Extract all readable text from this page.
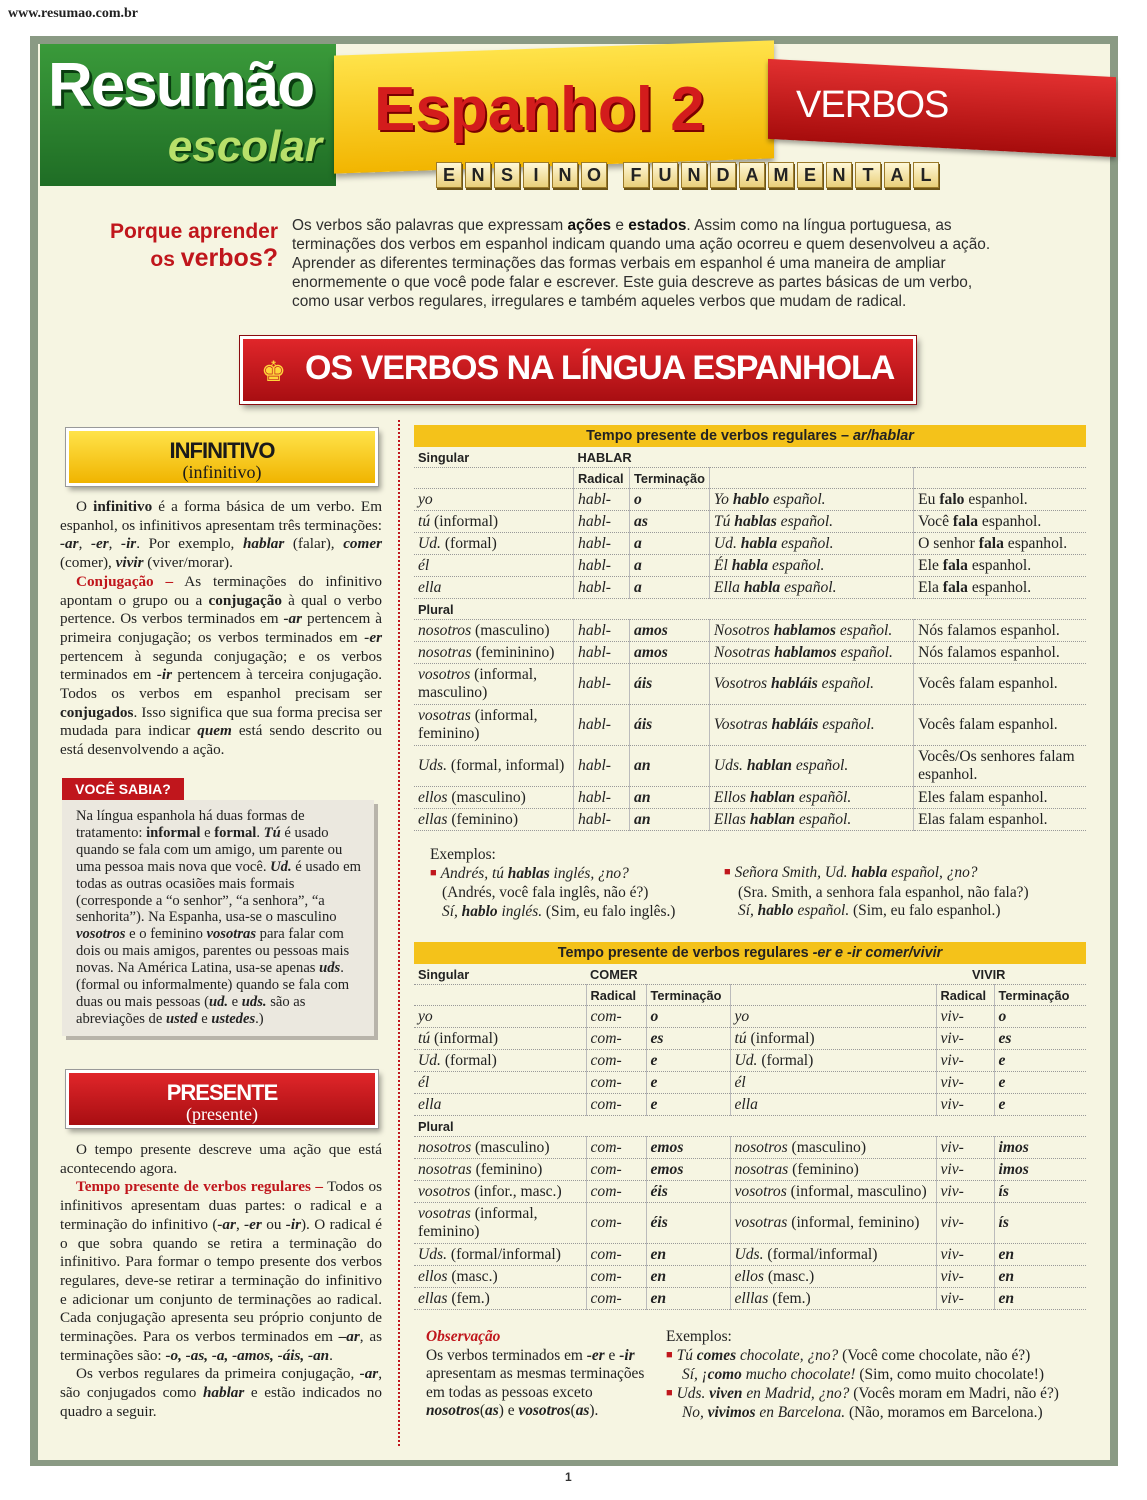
www.resumao.com.br
Resumão
escolar
Espanhol 2 VERBOS
E N S	I	N O	F U N D A M E N T A L
Porque aprender
os verbos?
Os verbos são palavras que expressam ações e estados. Assim como na língua portuguesa, as terminações dos verbos em espanhol indicam quando uma ação ocorreu e quem desenvolveu a ação. Aprender as diferentes terminações das formas verbais em espanhol é uma maneira de ampliar enormemente o que você pode falar e escrever. Este guia descreve as partes básicas de um verbo, como usar verbos regulares, irregulares e também aqueles verbos que mudam de radical.
♚ OS VERBOS NA LÍNGUA ESPANHOLA
INFINITIVO
(infinitivo)

O infinitivo é a forma básica de um verbo. Em espanhol, os infinitivos apresentam três terminações: -ar, -er, -ir. Por exemplo, hablar (falar), comer (comer), vivir (viver/morar).

Conjugação – As terminações do infinitivo apontam o grupo ou a conjugação à qual o verbo pertence. Os verbos terminados em -ar pertencem à primeira conjugação; os verbos terminados em -er pertencem à segunda conjugação; e os verbos terminados em -ir pertencem à terceira conjugação. Todos os verbos em espanhol precisam ser conjugados. Isso significa que sua forma precisa ser mudada para indicar quem está sendo descrito ou está desenvolvendo a ação.

VOCÊ SABIA?
Na língua espanhola há duas formas de tratamento: informal e formal. Tú é usado quando se fala com um amigo, um parente ou uma pessoa mais nova que você. Ud. é usado em todas as outras ocasiões mais formais (corresponde a “o senhor”, “a senhora”, “a senhorita”). Na Espanha, usa-se o masculino vosotros e o feminino vosotras para falar com dois ou mais amigos, parentes ou pessoas mais novas. Na América Latina, usa-se apenas uds. (formal ou informalmente) quando se fala com duas ou mais pessoas (ud. e uds. são as abreviações de usted e ustedes.)
PRESENTE
(presente)

O tempo presente descreve uma ação que está acontecendo agora.

Tempo presente de verbos regulares – Todos os infinitivos apresentam duas partes: o radical e a terminação do infinitivo (-ar, -er ou -ir). O radical é o que sobra quando se retira a terminação do infinitivo. Para formar o tempo presente dos verbos regulares, deve-se retirar a terminação do infinitivo e adicionar um conjunto de terminações ao radical. Cada conjugação apresenta seu próprio conjunto de terminações. Para os verbos terminados em –ar, as terminações são: -o, -as, -a, -amos, -áis, -an.

Os verbos regulares da primeira conjugação, -ar, são conjugados como hablar e estão indicados no quadro a seguir.

Tempo presente de verbos regulares – ar/hablar				
Singular	HABLAR			
	Radical	Terminação		
yo	habl-	o	Yo hablo español.	Eu falo espanhol.
tú (informal)	habl-	as	Tú hablas español.	Você fala espanhol.
Ud. (formal)	habl-	a	Ud. habla español.	O senhor fala espanhol.
él	habl-	a	Él habla español.	Ele fala espanhol.
ella	habl-	a	Ella habla español.	Ela fala espanhol.
Plural				
nosotros (masculino)	habl-	amos	Nosotros hablamos español.	Nós falamos espanhol.
nosotras (femininino)	habl-	amos	Nosotras hablamos español.	Nós falamos espanhol.
vosotros (informal, masculino)	habl-	áis	Vosotros habláis español.	Vocês falam espanhol.
vosotras (informal, feminino)	habl-	áis	Vosotras habláis español.	Vocês falam espanhol.
Uds. (formal, informal)	habl-	an	Uds. hablan español.	Vocês/Os senhores falam espanhol.
ellos (masculino)	habl-	an	Ellos hablan españõl.	Eles falam espanhol.
ellas (feminino)	habl-	an	Ellas hablan español.	Elas falam espanhol.
Exemplos:
■ Andrés, tú hablas inglés, ¿no?
(Andrés, você fala inglês, não é?)
Sí, hablo inglés. (Sim, eu falo inglês.)
■ Señora Smith, Ud. habla español, ¿no?
(Sra. Smith, a senhora fala espanhol, não fala?)
Sí, hablo español. (Sim, eu falo espanhol.)
Tempo presente de verbos regulares -er e -ir comer/vivir					
Singular	COMER			VIVIR	
	Radical	Terminação		Radical	Terminação
yo	com-	o	yo	viv-	o
tú (informal)	com-	es	tú (informal)	viv-	es
Ud. (formal)	com-	e	Ud. (formal)	viv-	e
él	com-	e	él	viv-	e
ella	com-	e	ella	viv-	e
Plural					
nosotros (masculino)	com-	emos	nosotros (masculino)	viv-	imos
nosotras (feminino)	com-	emos	nosotras (feminino)	viv-	imos
vosotros (infor., masc.)	com-	éis	vosotros (informal, masculino)	viv-	ís
vosotras (informal, feminino)	com-	éis	vosotras (informal, feminino)	viv-	ís
Uds. (formal/informal)	com-	en	Uds. (formal/informal)	viv-	en
ellos (masc.)	com-	en	ellos (masc.)	viv-	en
ellas (fem.)	com-	en	elllas (fem.)	viv-	en
Observação
Os verbos terminados em -er e -ir apresentam as mesmas terminações em todas as pessoas exceto nosotros(as) e vosotros(as).
Exemplos:
■ Tú comes chocolate, ¿no? (Você come chocolate, não é?)
Sí, ¡como mucho chocolate! (Sim, como muito chocolate!)
■ Uds. viven en Madrid, ¿no? (Vocês moram em Madri, não é?)
No, vivimos en Barcelona. (Não, moramos em Barcelona.)
1
